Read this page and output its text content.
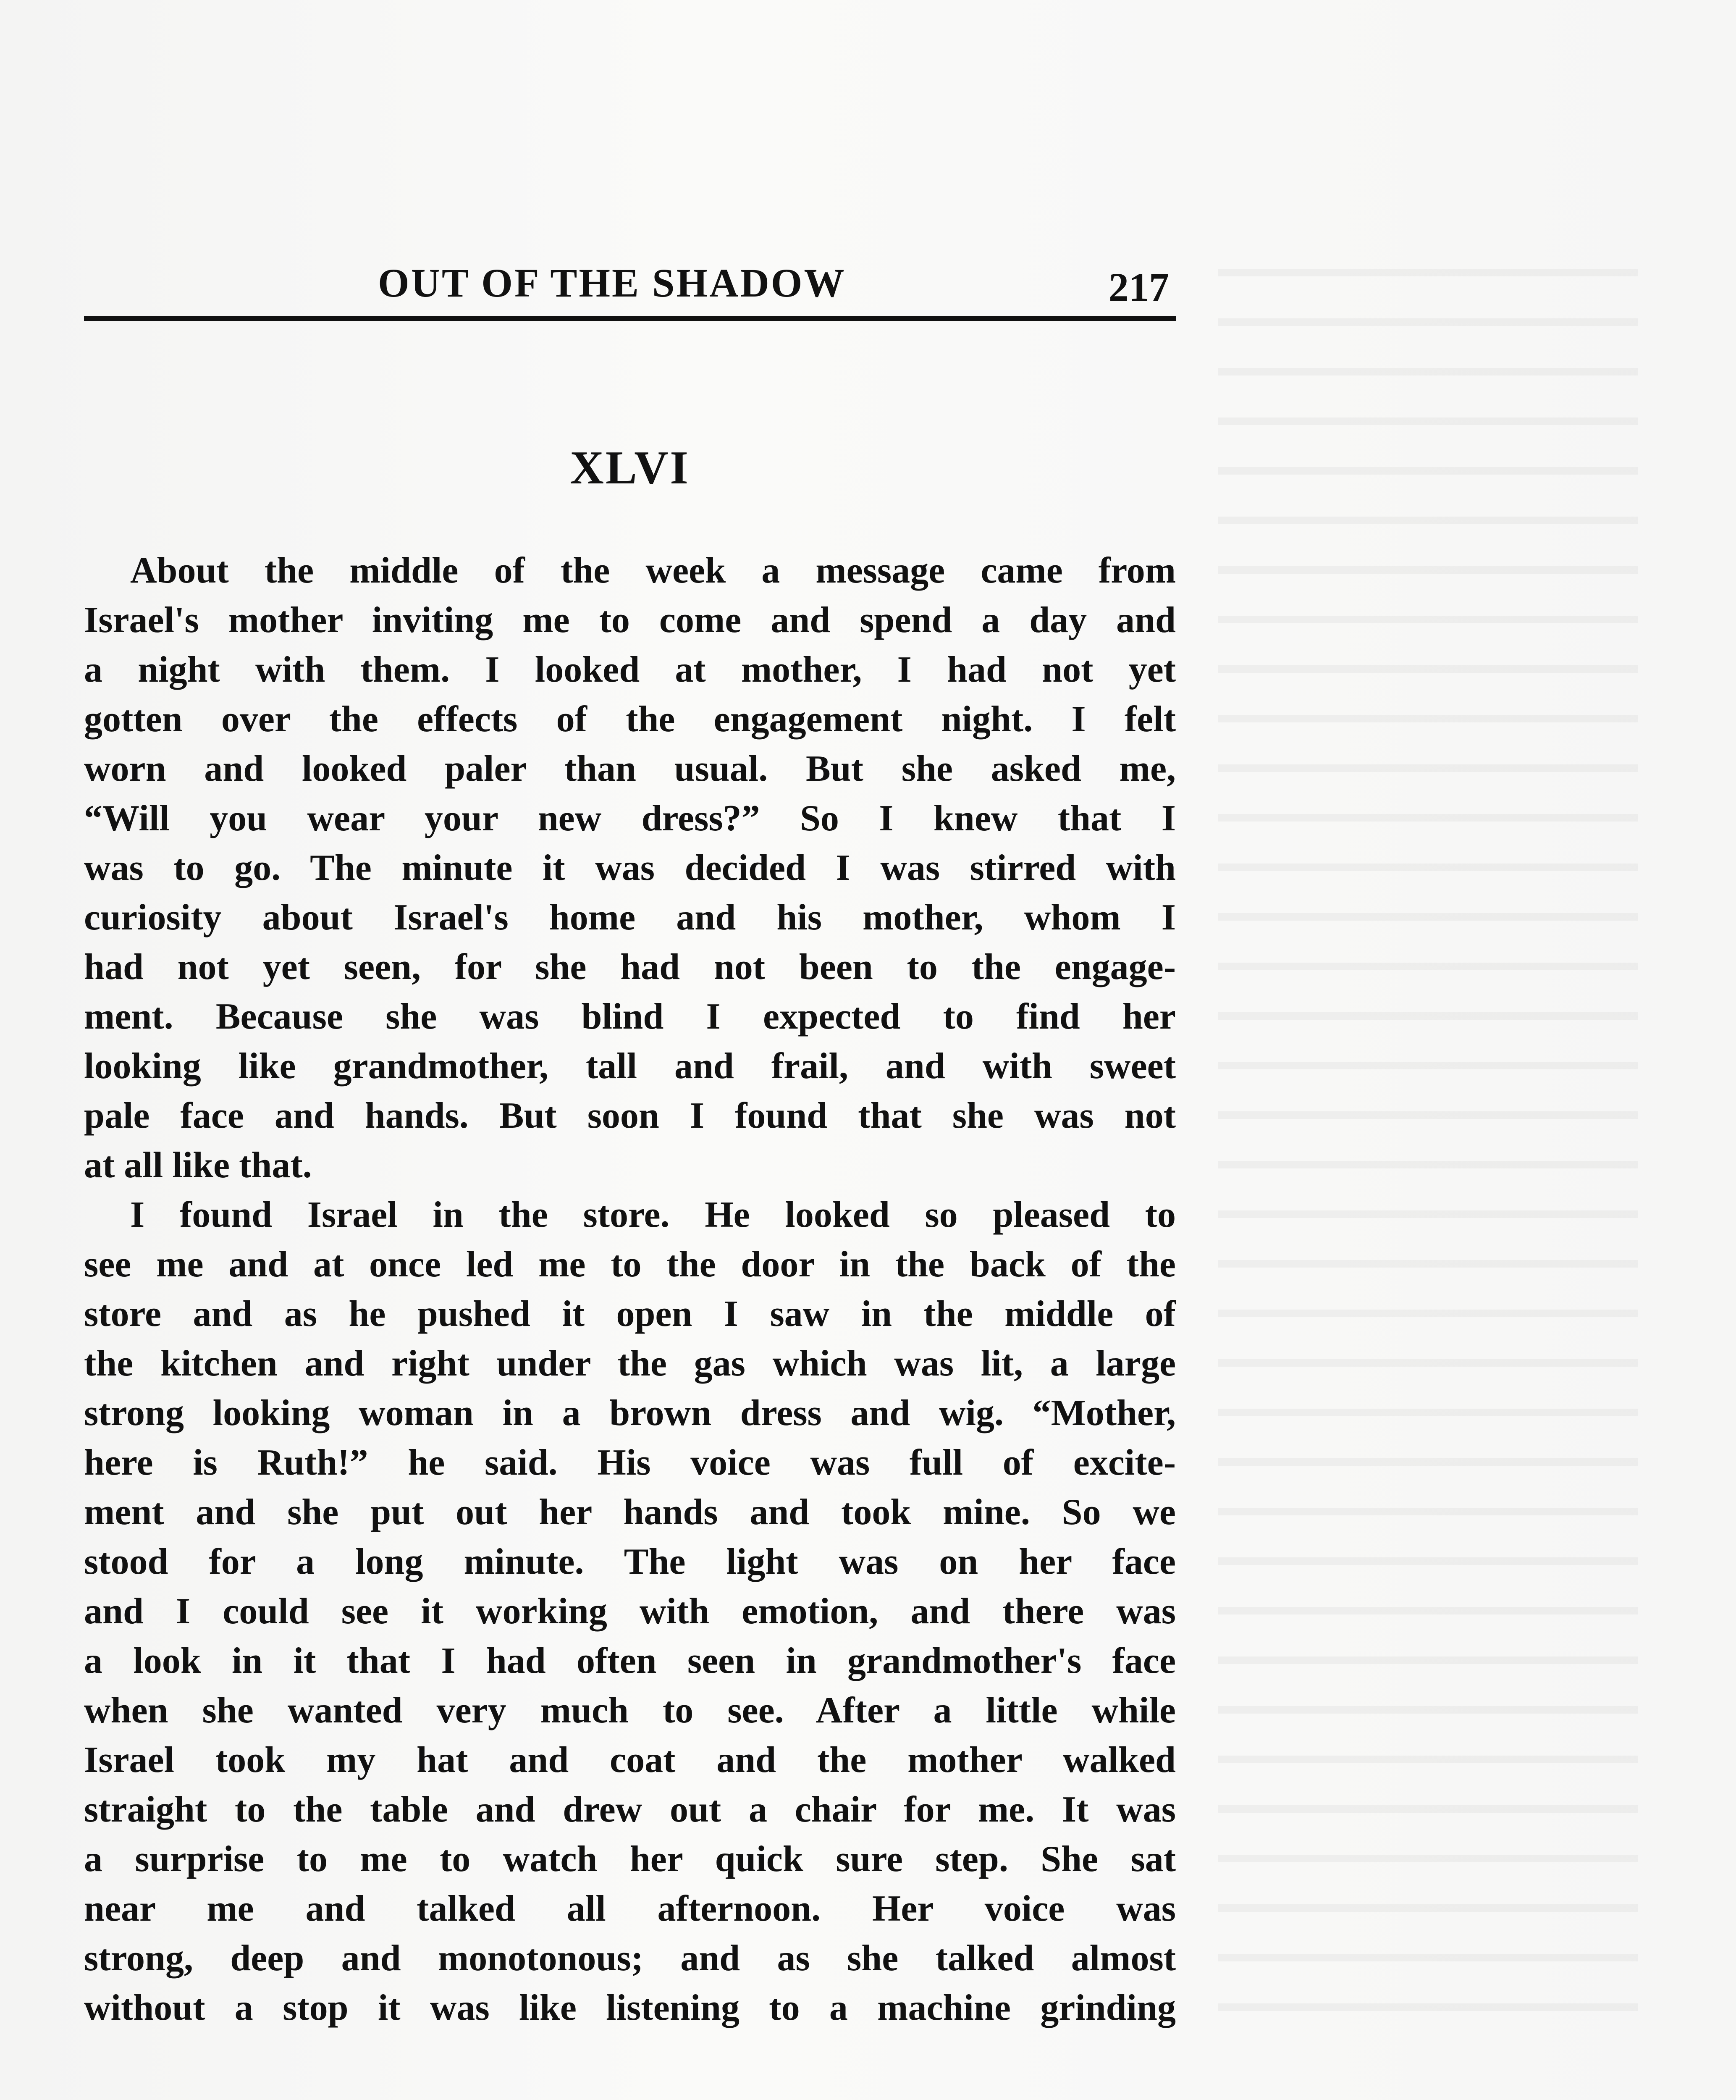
OUT OF THE SHADOW	217
XLVI
About the middle of the week a message came from
Israel's mother inviting me to come and spend a day and
a night with them. I looked at mother, I had not yet
gotten over the effects of the engagement night. I felt
worn and looked paler than usual. But she asked me,
“Will you wear your new dress?” So I knew that I
was to go. The minute it was decided I was stirred with
curiosity about Israel's home and his mother, whom I
had not yet seen, for she had not been to the engage-
ment. Because she was blind I expected to find her
looking like grandmother, tall and frail, and with sweet
pale face and hands. But soon I found that she was not
at all like that.
I found Israel in the store. He looked so pleased to
see me and at once led me to the door in the back of the
store and as he pushed it open I saw in the middle of
the kitchen and right under the gas which was lit, a large
strong looking woman in a brown dress and wig. “Mother,
here is Ruth!” he said. His voice was full of excite-
ment and she put out her hands and took mine. So we
stood for a long minute. The light was on her face
and I could see it working with emotion, and there was
a look in it that I had often seen in grandmother's face
when she wanted very much to see. After a little while
Israel took my hat and coat and the mother walked
straight to the table and drew out a chair for me. It was
a surprise to me to watch her quick sure step. She sat
near me and talked all afternoon. Her voice was
strong, deep and monotonous; and as she talked almost
without a stop it was like listening to a machine grinding
